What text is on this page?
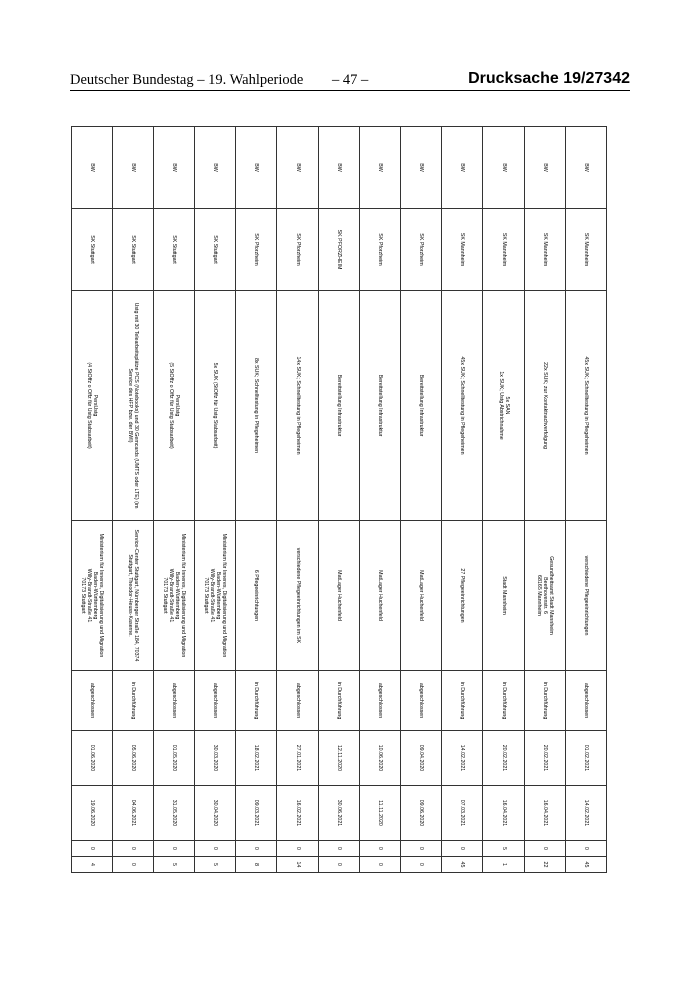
Deutscher Bundestag – 19. Wahlperiode – 47 –	Drucksache 19/27342
BW	SK Mannheim	45x SUK; Schnelltestung in Pflegeheimen	verschiedene Pflegeeinrichtungen	abgeschlossen	01.02.2021	14.02.2021	0	45
BW	SK Mannheim	22x SUK; zur Kontaktnachverfolgung	Gesundheitsamt Stadt Mannheim
Beethovenstr. 6
68165 Mannheim	in Durchführung	20.02.2021	16.04.2021	0	22
BW	SK Mannheim	5x SAN
1x SUK; Ustg Abstrichnahme	Stadt Mannheim	in Durchführung	20.02.2021	16.04.2021	5	1
BW	SK Mannheim	45x SUK; Schnelltestung in Pflegeheimen	27 Pflegeeinrichtungen	in Durchführung	14.02.2021	07.03.2021	0	45
BW	SK Pforzheim	Bereitstellung Infrastruktur	MatLager Huchenfeld	abgeschlossen	09.04.2020	09.06.2020	0	0
BW	SK Pforzheim	Bereitstellung Infrastruktur	MatLager Huchenfeld	abgeschlossen	10.06.2020	11.11.2020	0	0
BW	SK PFORZHEIM	Bereitstellung Infrastruktur	MatLager Huchenfeld	in Durchführung	12.11.2020	30.06.2021	0	0
BW	SK Pforzheim	14x SUK; Schnelltestung in Pflegeheimen	verschiedene Pflegeeinrichtungen im SK	abgeschlossen	27.01.2021	16.02.2021	0	14
BW	SK Pforzheim	8x SUK; Schnelltestung in Pflegeheimen	6 Pflegeeinrichtungen	in Durchführung	18.02.2021	09.03.2021	0	8
BW	SK Stuttgart	5x SUK (StOffz für Ustg Stabsarbeit)	Ministerium für Inneres, Digitalisierung und Migration
Baden-Württemberg
Willy-Brandt-Straße 41
70173 Stuttgart	abgeschlossen	30.03.2020	30.04.2020	0	5
BW	SK Stuttgart	PersUstg
(5 StOffz o Offz für Ustg Stabsarbeit)	Ministerium für Inneres, Digitalisierung und Migration
Baden-Württemberg
Willy-Brandt-Straße 41
70173 Stuttgart	abgeschlossen	01.05.2020	31.05.2020	0	5
BW	SK Stuttgart	Ustg mit 30 Telearbeitsplätze PCS (Notebooks) und 30 Gemcards (UMTS oder LTE) (im Service des HFP bzw. der BWI)	Service-Center Stuttgart, Nürnberger Straße 184, 70374
Stuttgart, Theodor-Heuss-Kaserne.	in Durchführung	05.06.2020	04.06.2021	0	0
BW	SK Stuttgart	PersUstg
(4 StOffz o Offz für Ustg Stabsarbeit)	Ministerium für Inneres, Digitalisierung und Migration
Baden-Württemberg
Willy-Brandt-Straße 41
70173 Stuttgart	abgeschlossen	01.06.2020	19.06.2020	0	4
